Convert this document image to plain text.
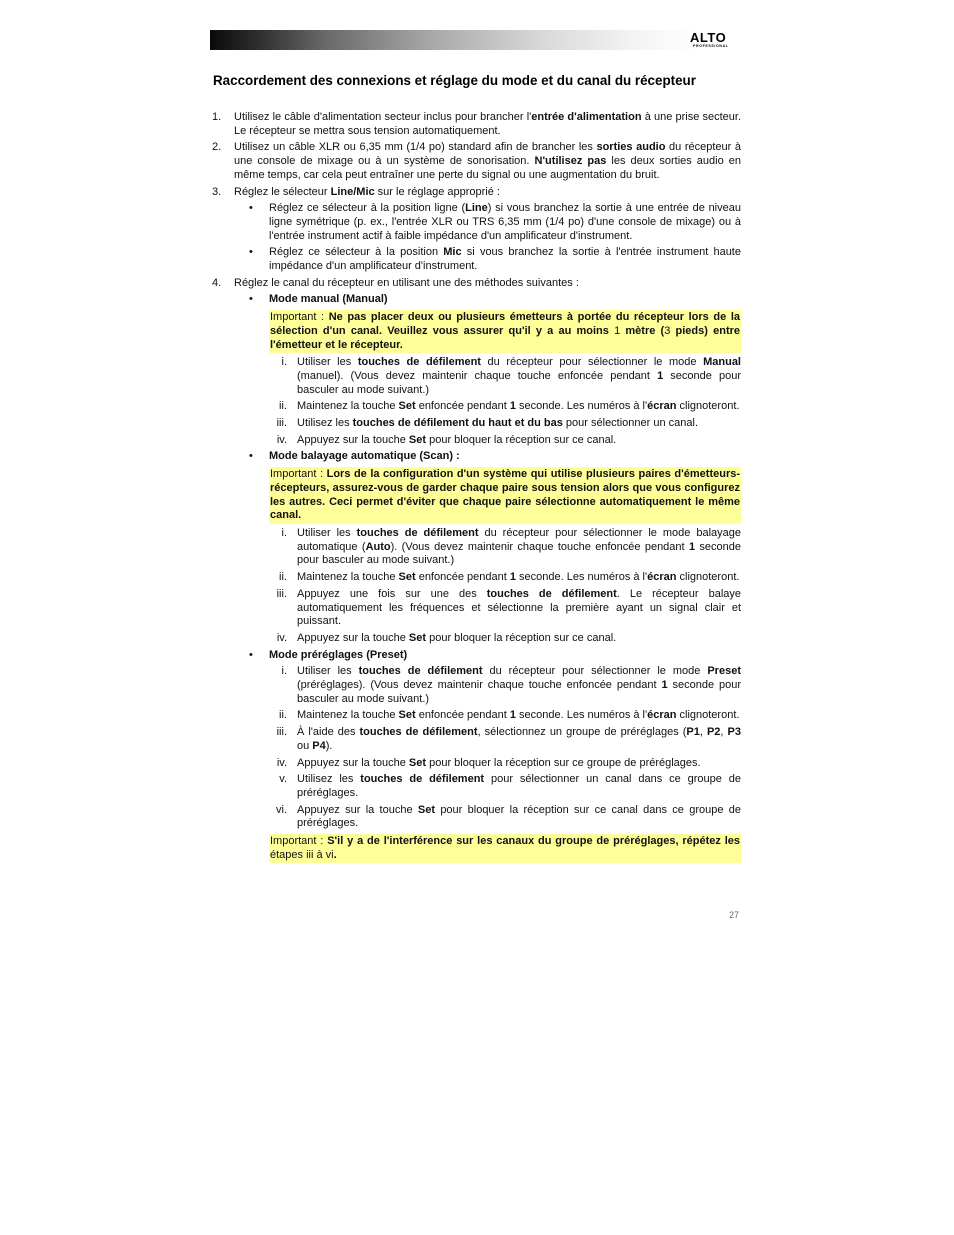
ALTO
PROFESSIONAL
Raccordement des connexions et réglage du mode et du canal du récepteur
1. Utilisez le câble d'alimentation secteur inclus pour brancher l'entrée d'alimentation à une prise secteur. Le récepteur se mettra sous tension automatiquement.
2. Utilisez un câble XLR ou 6,35 mm (1/4 po) standard afin de brancher les sorties audio du récepteur à une console de mixage ou à un système de sonorisation. N'utilisez pas les deux sorties audio en même temps, car cela peut entraîner une perte du signal ou une augmentation du bruit.
3. Réglez le sélecteur Line/Mic sur le réglage approprié :
• Réglez ce sélecteur à la position ligne (Line) si vous branchez la sortie à une entrée de niveau ligne symétrique (p. ex., l'entrée XLR ou TRS 6,35 mm (1/4 po) d'une console de mixage) ou à l'entrée instrument actif à faible impédance d'un amplificateur d'instrument.
• Réglez ce sélecteur à la position Mic si vous branchez la sortie à l'entrée instrument haute impédance d'un amplificateur d'instrument.
4. Réglez le canal du récepteur en utilisant une des méthodes suivantes :
• Mode manual (Manual)
Important : Ne pas placer deux ou plusieurs émetteurs à portée du récepteur lors de la sélection d'un canal. Veuillez vous assurer qu'il y a au moins 1 mètre (3 pieds) entre l'émetteur et le récepteur.
i. Utiliser les touches de défilement du récepteur pour sélectionner le mode Manual (manuel). (Vous devez maintenir chaque touche enfoncée pendant 1 seconde pour basculer au mode suivant.)
ii. Maintenez la touche Set enfoncée pendant 1 seconde. Les numéros à l'écran clignoteront.
iii. Utilisez les touches de défilement du haut et du bas pour sélectionner un canal.
iv. Appuyez sur la touche Set pour bloquer la réception sur ce canal.
• Mode balayage automatique (Scan) :
Important : Lors de la configuration d'un système qui utilise plusieurs paires d'émetteurs-récepteurs, assurez-vous de garder chaque paire sous tension alors que vous configurez les autres. Ceci permet d'éviter que chaque paire sélectionne automatiquement le même canal.
i. Utiliser les touches de défilement du récepteur pour sélectionner le mode balayage automatique (Auto). (Vous devez maintenir chaque touche enfoncée pendant 1 seconde pour basculer au mode suivant.)
ii. Maintenez la touche Set enfoncée pendant 1 seconde. Les numéros à l'écran clignoteront.
iii. Appuyez une fois sur une des touches de défilement. Le récepteur balaye automatiquement les fréquences et sélectionne la première ayant un signal clair et puissant.
iv. Appuyez sur la touche Set pour bloquer la réception sur ce canal.
• Mode préréglages (Preset)
i. Utiliser les touches de défilement du récepteur pour sélectionner le mode Preset (préréglages). (Vous devez maintenir chaque touche enfoncée pendant 1 seconde pour basculer au mode suivant.)
ii. Maintenez la touche Set enfoncée pendant 1 seconde. Les numéros à l'écran clignoteront.
iii. À l'aide des touches de défilement, sélectionnez un groupe de préréglages (P1, P2, P3 ou P4).
iv. Appuyez sur la touche Set pour bloquer la réception sur ce groupe de préréglages.
v. Utilisez les touches de défilement pour sélectionner un canal dans ce groupe de préréglages.
vi. Appuyez sur la touche Set pour bloquer la réception sur ce canal dans ce groupe de préréglages.
Important : S'il y a de l'interférence sur les canaux du groupe de préréglages, répétez les étapes iii à vi.
27
